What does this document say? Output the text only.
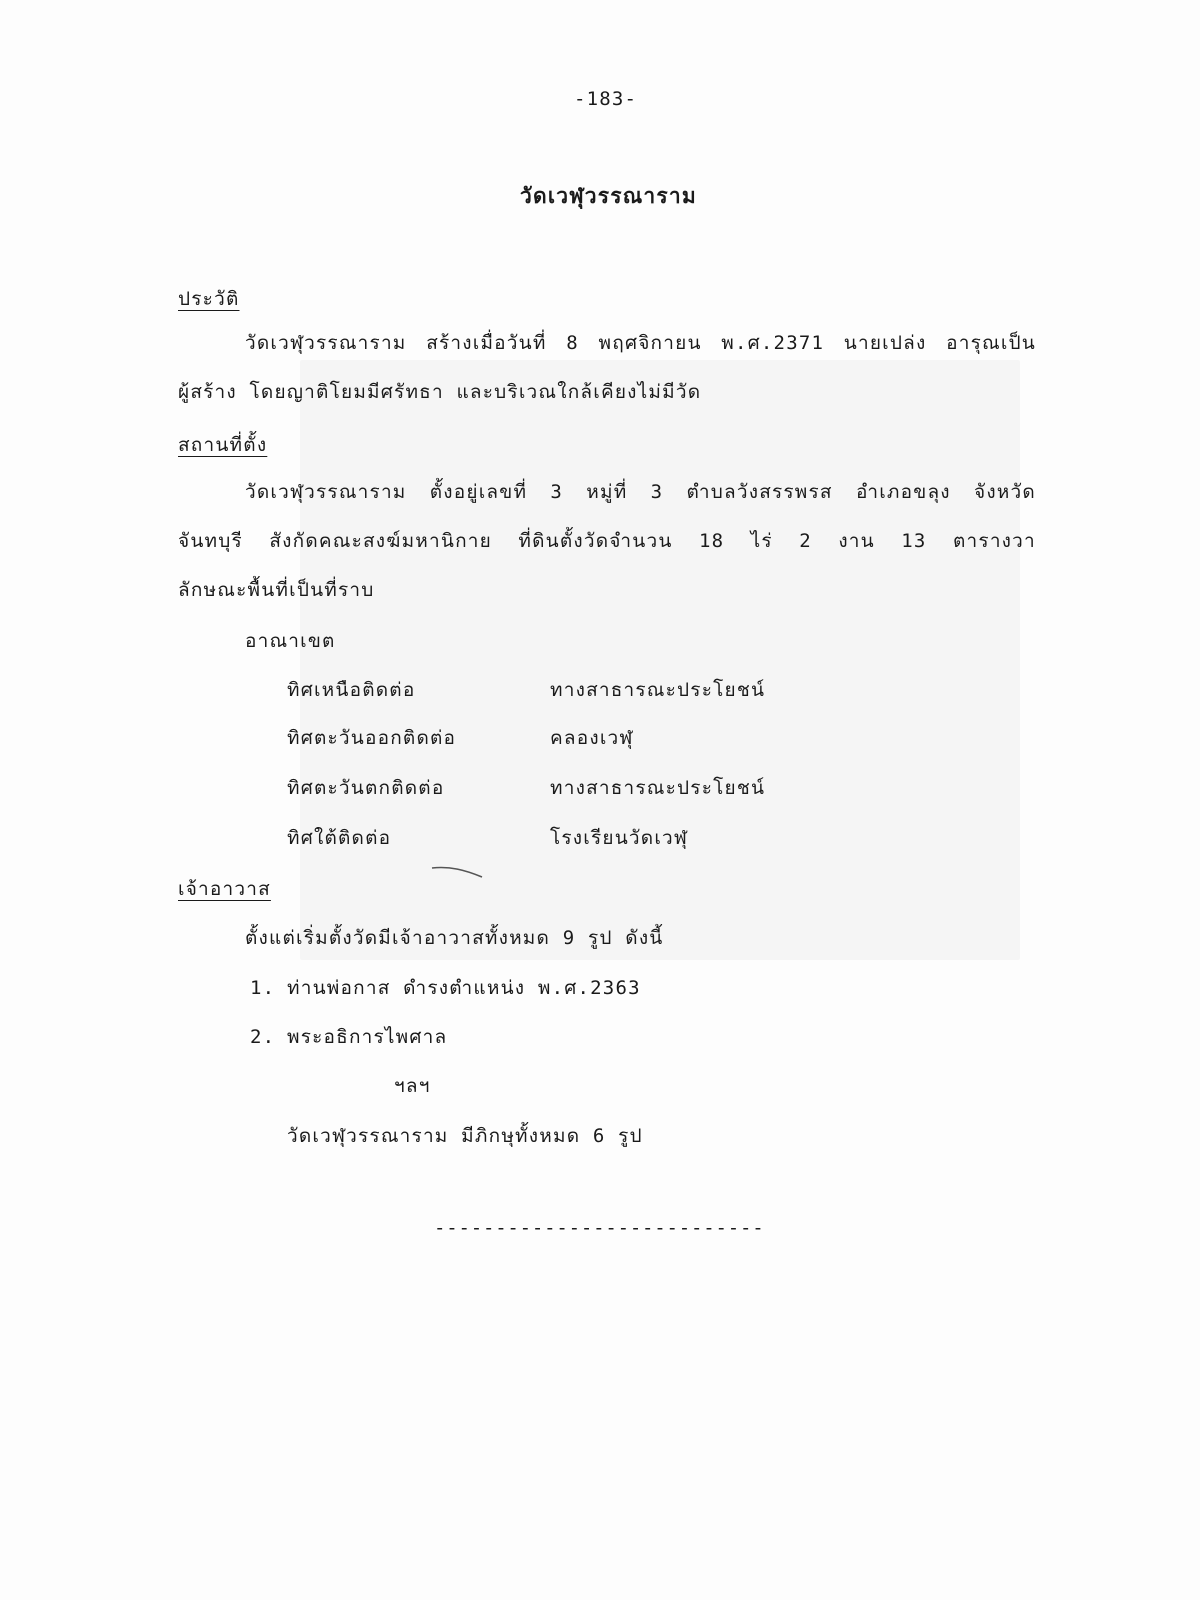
-183-
วัดเวฬุวรรณาราม
ประวัติ
วัดเวฬุวรรณาราม สร้างเมื่อวันที่ 8 พฤศจิกายน พ.ศ.2371 นายเปล่ง อารุณเป็น
ผู้สร้าง โดยญาติโยมมีศรัทธา และบริเวณใกล้เคียงไม่มีวัด
สถานที่ตั้ง
วัดเวฬุวรรณาราม ตั้งอยู่เลขที่ 3 หมู่ที่ 3 ตำบลวังสรรพรส อำเภอขลุง จังหวัด
จันทบุรี สังกัดคณะสงฆ์มหานิกาย ที่ดินตั้งวัดจำนวน 18 ไร่ 2 งาน 13 ตารางวา
ลักษณะพื้นที่เป็นที่ราบ
อาณาเขต
ทิศเหนือติดต่อ	ทางสาธารณะประโยชน์
ทิศตะวันออกติดต่อ	คลองเวฬุ
ทิศตะวันตกติดต่อ	ทางสาธารณะประโยชน์
ทิศใต้ติดต่อ	โรงเรียนวัดเวฬุ
เจ้าอาวาส
ตั้งแต่เริ่มตั้งวัดมีเจ้าอาวาสทั้งหมด 9 รูป ดังนี้
1. ท่านพ่อกาส ดำรงตำแหน่ง พ.ศ.2363
2. พระอธิการไพศาล
ฯลฯ
วัดเวฬุวรรณาราม มีภิกษุทั้งหมด 6 รูป
---------------------------
